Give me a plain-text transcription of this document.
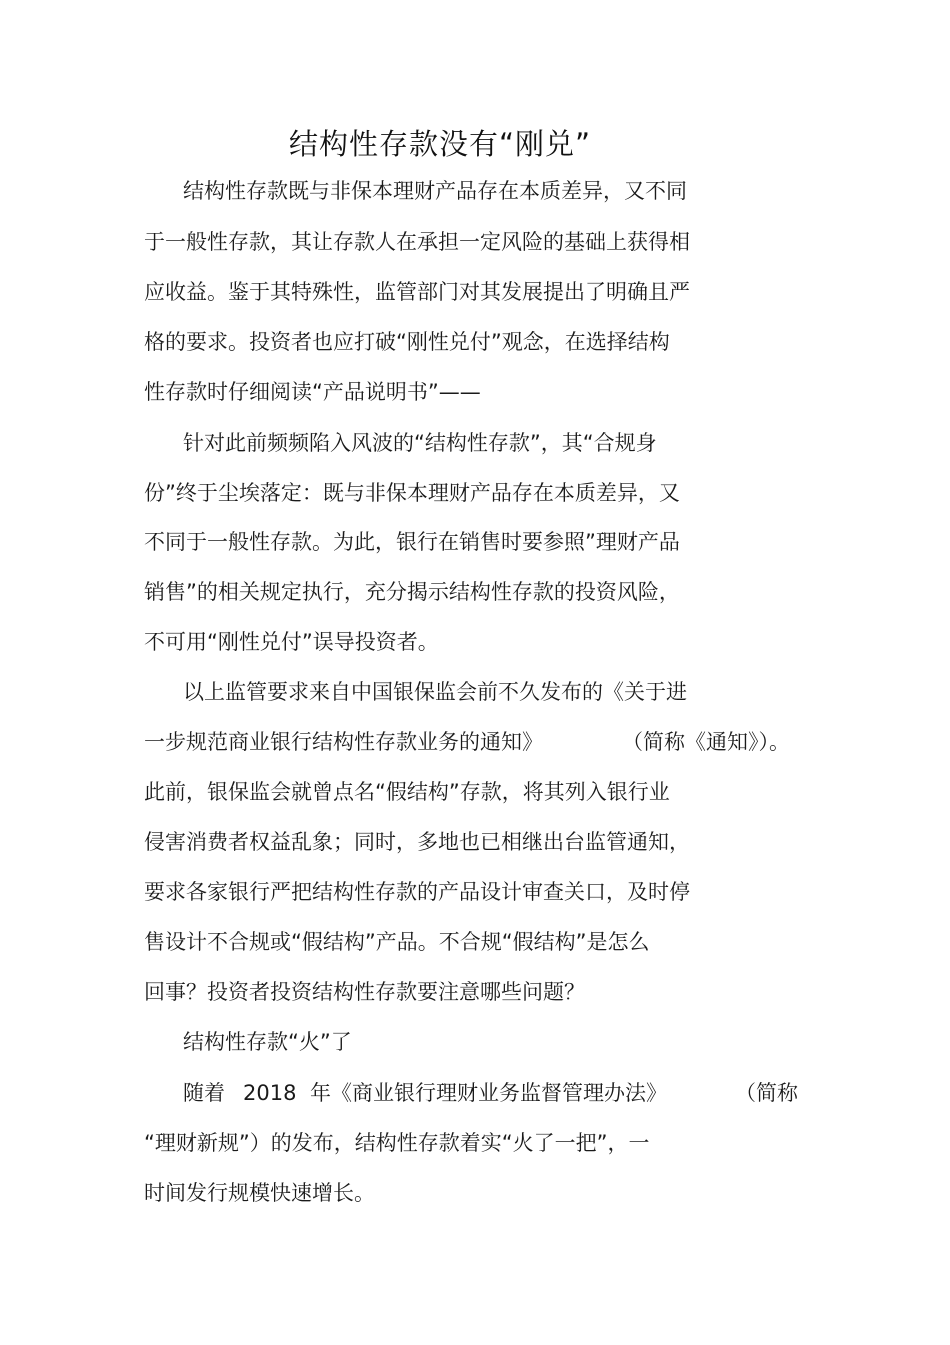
结构性存款没有“刚兑”
结构性存款既与非保本理财产品存在本质差异，又不同
于一般性存款，其让存款人在承担一定风险的基础上获得相
应收益。鉴于其特殊性，监管部门对其发展提出了明确且严
格的要求。投资者也应打破“刚性兑付”观念，在选择结构
性存款时仔细阅读“产品说明书”——
针对此前频频陷入风波的“结构性存款”，其“合规身
份”终于尘埃落定：既与非保本理财产品存在本质差异，又
不同于一般性存款。为此，银行在销售时要参照”理财产品
销售”的相关规定执行，充分揭示结构性存款的投资风险，
不可用“刚性兑付”误导投资者。
以上监管要求来自中国银保监会前不久发布的《关于进
一步规范商业银行结构性存款业务的通知》	（简称《通知》）。
此前，银保监会就曾点名“假结构”存款，将其列入银行业
侵害消费者权益乱象；同时，多地也已相继出台监管通知，
要求各家银行严把结构性存款的产品设计审查关口，及时停
售设计不合规或“假结构”产品。不合规“假结构”是怎么
回事？投资者投资结构性存款要注意哪些问题？
结构性存款“火”了
随着 2018 年《商业银行理财业务监督管理办法》	（简称
“理财新规”）的发布，结构性存款着实“火了一把”，一
时间发行规模快速增长。
